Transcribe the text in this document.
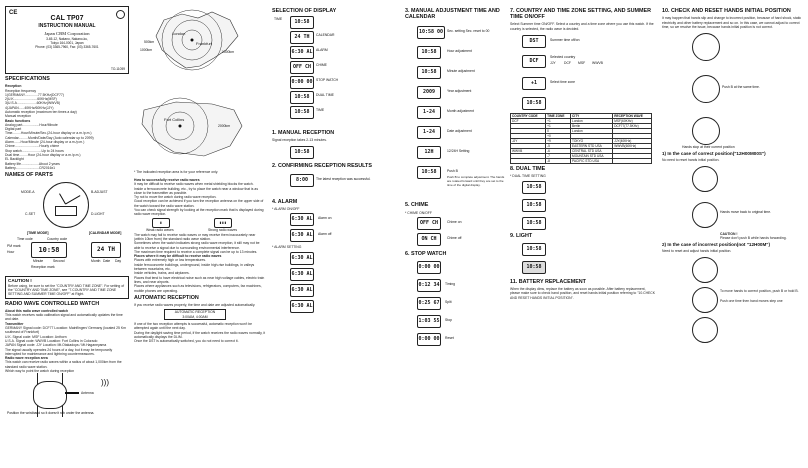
CE
CAL TP07
INSTRUCTION MANUAL
Japan CBM Corporation
3-65-12, Nakano, Nakano-ku,
Tokyo 164-0001, Japan
Phone: (03) 3365-7960, Fax: (03) 3365-7601
TO-11059
SPECIFICATIONS
Reception
Reception frequency
1)GERMANY..............77.5KHz(DCF77)
2)U.K.........................60KHz(MSF)
3)U.S.A.....................60KHz(WWVB)
4)JAPAN......40KHz/60KHz(JJY)
Automatic reception (maximum ten times a day)
Manual reception
Basic functions
Analog part..................Hour/Minute
Digital part
Time.........Hour/Minute/Sec.(24-hour display or a.m./p.m.)
Calendar..........Month/Date/Day (Auto calendar up to 2099)
Alarm.......Hour/Minute (24-hour display or a.m./p.m.)
Chime..........................Hourly chime
Stop watch.....................Up to 24 hours
Dual time.........Hour (24-hour display or a.m./p.m.)
EL Backlight
Battery life...................About 2 years
Battery.........................CR2016x1
NAMES OF PARTS
MODE-A
C-SET
B-ADJUST
D-LIGHT
[TIME MODE]	[CALENDAR MODE]
10:58	24 TH
Time code	Country code
PM mark
Hour
Minute	Second
Reception mark
Month Date Day
CAUTION !
Before using, be sure to set the "COUNTRY AND TIME ZONE". For setting of the "COUNTRY AND TIME ZONE", see "7.COUNTRY AND TIME ZONE SETTING AND SUMMER TIME ON/OFF" at Right.
RADIO WAVE CONTROLLED WATCH
About this radio wave controlled watch
This watch receives radio calibration signal and automatically updates the time and date.
Transmitter
GERMANY Signal code: DCF77 Location: Mainflingen/ Germany (located 25 Km southeast of Frankfurt)
U.K. Signal code: MSF Location: Anthorn
U.S.A. Signal code: WWVB Location: Fort Collins in Colorado
JAPAN Signal code: JJY Location: Mt.Otakadoya / Mt.Haganeyama
The signal usually operates 24 hours of a day, but it may be temporarily interrupted for maintenance and lightning countermeasures.
Radio wave reception area
This watch can receive radio waves within a radius of about 1,000km from the standard radio wave station.
Which way to point the watch during reception
Antenna
)))
Position the wristband so it doesn't rub under the antenna.
London
Frankfurt
1500km
500km
1000km
Fort Collins
2000km
* The indicated reception area is for your reference only.
How to successfully receive radio waves
It may be difficult to receive radio waves when metal shielding blocks the watch.
Inside a ferroconcrete building, etc., try to place the watch near a window that is as close to the transmitter as possible.
Try not to move the watch during radio wave reception.
Good reception can be achieved if you turn the reception antenna on the upper side of the watch toward the radio wave station.
You can check signal strength by looking at the reception mark that is displayed during radio wave reception.
▮	▮▮▮
Weak radio waves	Strong radio waves
The watch may fail to receive radio waves or may receive them inaccurately near (within 10km from) the standard radio wave station.
Sometimes when the watch indicates strong radio wave reception, it still may not be able to receive a signal due to surrounding environmental interference.
The maximum time required to receive a complete signal can be up to 13 minutes.
Places where it may be difficult to receive radio waves
Places with extremely high or low temperatures.
Inside ferroconcrete buildings, underground, inside high-rise buildings, in valleys between mountains, etc.
Inside vehicles, trains, and airplanes.
Places that tend to have electrical noise such as near high voltage cables, electric train lines, and near airports.
Places where appliances such as televisions, refrigerators, computers, fax machines, mobile phones are operating.
AUTOMATIC RECEPTION
If you receive radio waves properly, the time and date are adjusted automatically.
AUTOMATIC RECEPTION
3:00AM, 4:00AM
If one of the two reception attempts is successful, automatic reception won't be attempted again until the next day.
During the daylight saving time period, if the watch receives the radio waves normally, it automatically displays the DLIM.
Once the DST is automatically switched, you do not need to correct it.
SELECTION OF DISPLAY
TIME	10:58
CALENDAR
24 TH
ALARM
6:30 AL
CHIME
OFF CH
STOP WATCH
0:00 00
DUAL TIME
10:58
TIME
10:58
1. MANUAL RECEPTION
Signal reception takes 2-13 minutes.
10:58
2. CONFIRMING RECEPTION RESULTS
8:00	The latest reception was successful.
4. ALARM
* ALARM ON/OFF
6:30 AL	Alarm on
6:30 AL	Alarm off
* ALARM SETTING
6:30 AL
6:30 AL
6:30 AL
6:30 AL
3. MANUAL ADJUSTMENT TIME AND CALENDAR
10:58 00	Sec. setting Sec. reset to 00
10:58	Hour adjustment
10:58	Minute adjustment
2009	Year adjustment
1-24	Month adjustment
1-24	Date adjustment
12H	12/24H Setting
10:58	Push B
Push B to complete adjustment. The hands are rotated forward until they are set to the time of the digital display.
5. CHIME
* CHIME ON/OFF
OFF CH	Chime on
ON CH	Chime off
6. STOP WATCH
0:00 00
0:12 34	Timing
0:25 67	Split
1:03 55	Stop
0:00 00	Reset
7. COUNTRY AND TIME ZONE SETTING, AND SUMMER TIME ON/OFF
Select Summer time ON/OFF. Select a country and a time zone where you use this watch. If the country is selected, the radio wave is decided.
DST	Summer time off/on
DCF
Selected country
JJY DCF MSF WWVB
+1	Select time zone
10:58
COUNTRY CODE	TIME ZONE	CITY	RECEPTION WAVE
DCF	+1	London	MSF(60KHz)
	+1	Berlin	DCF77(77.5KHz)
	0	London	
	+0		
JJY	+9	TOKYO	JJY(40KHz)
	-5	EASTERN STD USA	WWVB(60KHz)
WWVB	-6	CENTRAL STD USA	
	-7	MOUNTAIN STD USA	
	-8	PACIFIC STD USA	
8. DUAL TIME
* DUAL TIME SETTING
10:58
10:58
10:58
9. LIGHT
10:58
10:58
11. BATTERY REPLACEMENT
When the display dims, replace the battery as soon as possible. After battery replacement, please make sure to check hand position, and reset hands initial position referring to "10.CHECK AND RESET HANDS INITIAL POSITION".
10. CHECK AND RESET HANDS INITIAL POSITION
It may happen that hands slip and change to incorrect position, because of hard shock, static electricity and other battery replacement and so on. In this case, we cannot adjust to correct time, so we resolve the issue, because hands initial position is not correct.
Push B at the same time.
Hands stop at their current position
1) In the case of correct position("12H00M00S")
No need to reset hands initial position.
Hands move back to original time.
CAUTION !
Please don't push B while hands forwarding.
2) In the case of incorrect position(not "12H00M")
Need to reset and adjust hands initial position.
To move hands to correct position, push B or hold B.
Push one time then hand moves step one
